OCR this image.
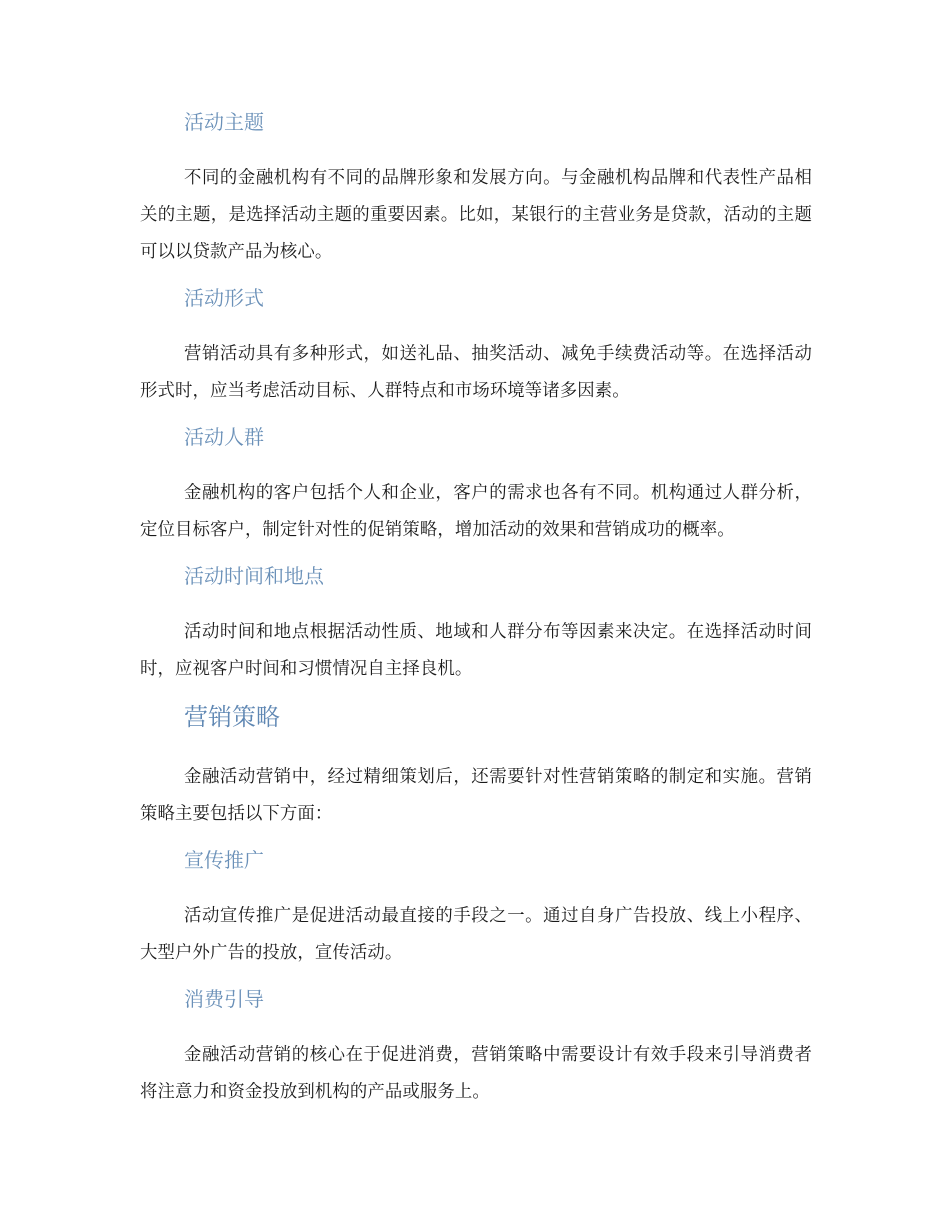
活动主题
不同的金融机构有不同的品牌形象和发展方向。与金融机构品牌和代表性产品相关的主题，是选择活动主题的重要因素。比如，某银行的主营业务是贷款，活动的主题可以以贷款产品为核心。
活动形式
营销活动具有多种形式，如送礼品、抽奖活动、减免手续费活动等。在选择活动形式时，应当考虑活动目标、人群特点和市场环境等诸多因素。
活动人群
金融机构的客户包括个人和企业，客户的需求也各有不同。机构通过人群分析，定位目标客户，制定针对性的促销策略，增加活动的效果和营销成功的概率。
活动时间和地点
活动时间和地点根据活动性质、地域和人群分布等因素来决定。在选择活动时间时，应视客户时间和习惯情况自主择良机。
营销策略
金融活动营销中，经过精细策划后，还需要针对性营销策略的制定和实施。营销策略主要包括以下方面：
宣传推广
活动宣传推广是促进活动最直接的手段之一。通过自身广告投放、线上小程序、大型户外广告的投放，宣传活动。
消费引导
金融活动营销的核心在于促进消费，营销策略中需要设计有效手段来引导消费者将注意力和资金投放到机构的产品或服务上。
